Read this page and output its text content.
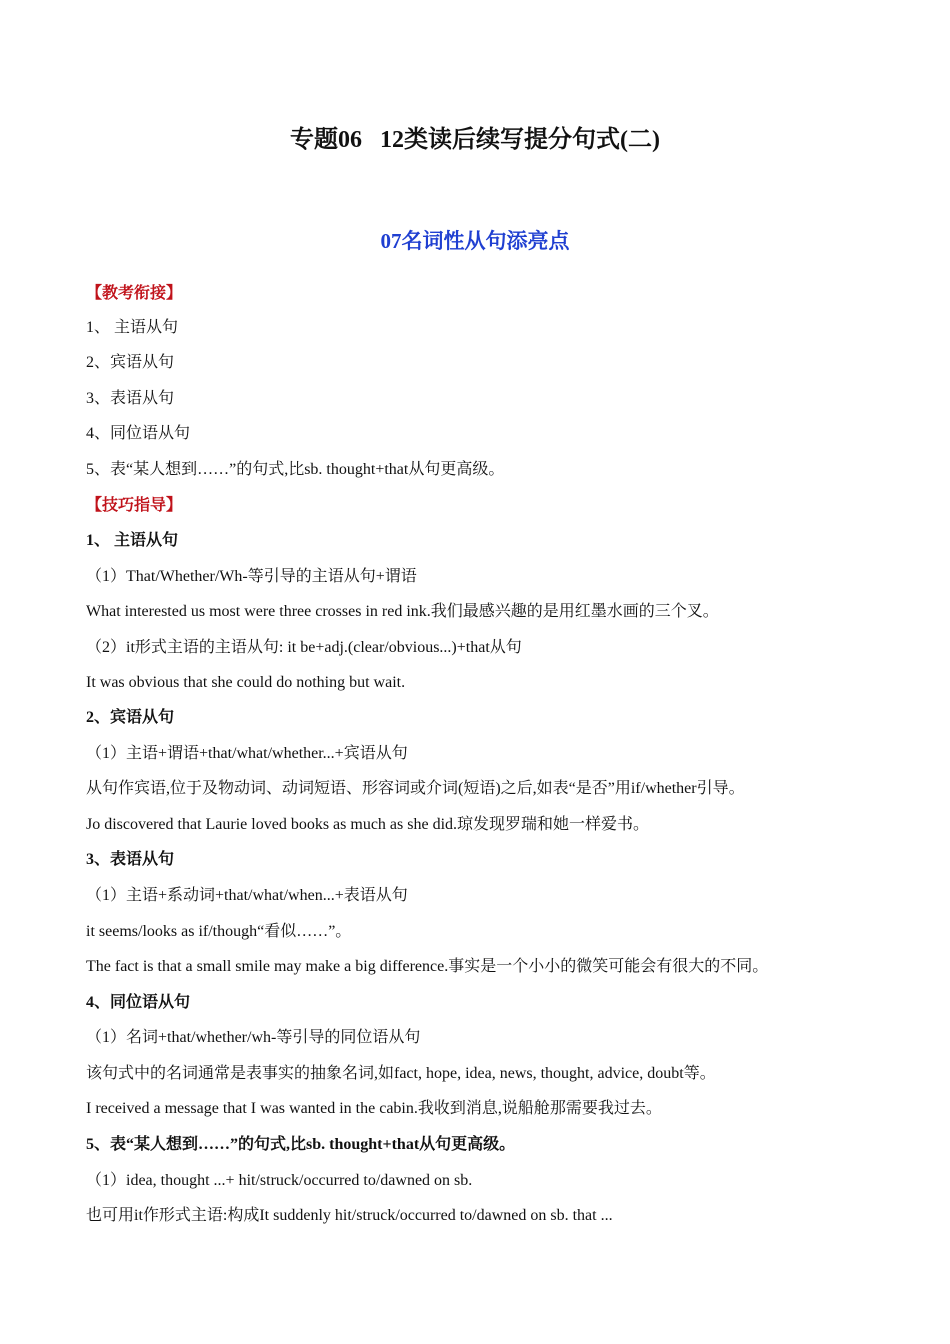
专题06   12类读后续写提分句式(二)
07名词性从句添亮点
【教考衔接】
1、 主语从句
2、宾语从句
3、表语从句
4、同位语从句
5、表“某人想到……”的句式,比sb. thought+that从句更高级。
【技巧指导】
1、 主语从句
（1）That/Whether/Wh-等引导的主语从句+谓语
What interested us most were three crosses in red ink.我们最感兴趣的是用红墨水画的三个叉。
（2）it形式主语的主语从句: it be+adj.(clear/obvious...)+that从句
It was obvious that she could do nothing but wait.
2、宾语从句
（1）主语+谓语+that/what/whether...+宾语从句
从句作宾语,位于及物动词、动词短语、形容词或介词(短语)之后,如表“是否”用if/whether引导。
Jo discovered that Laurie loved books as much as she did.琼发现罗瑞和她一样爱书。
3、表语从句
（1）主语+系动词+that/what/when...+表语从句
it seems/looks as if/though“看似……”。
The fact is that a small smile may make a big difference.事实是一个小小的微笑可能会有很大的不同。
4、同位语从句
（1）名词+that/whether/wh-等引导的同位语从句
该句式中的名词通常是表事实的抽象名词,如fact, hope, idea, news, thought, advice, doubt等。
I received a message that I was wanted in the cabin.我收到消息,说船舱那需要我过去。
5、表“某人想到……”的句式,比sb. thought+that从句更高级。
（1）idea, thought ...+ hit/struck/occurred to/dawned on sb.
也可用it作形式主语:构成It suddenly hit/struck/occurred to/dawned on sb. that ...
